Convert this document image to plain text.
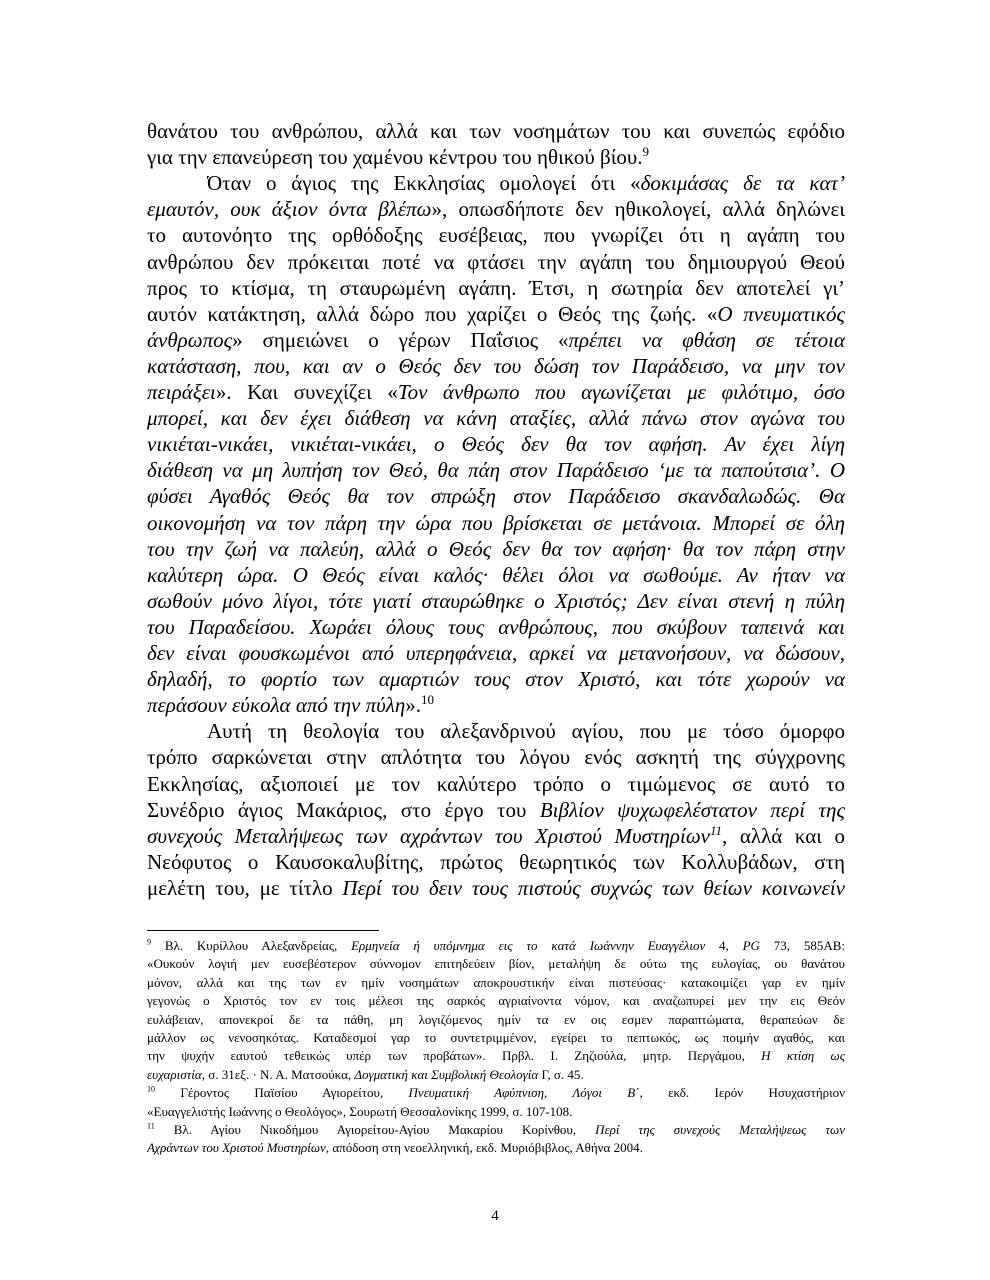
θανάτου του ανθρώπου, αλλά και των νοσημάτων του και συνεπώς εφόδιο
για την επανεύρεση του χαμένου κέντρου του ηθικού βίου.$^9$
Όταν ο άγιος της Εκκλησίας ομολογεί ότι «δοκιμάσας δε τα κατ’
εμαυτόν, ουκ άξιον όντα βλέπω», οπωσδήποτε δεν ηθικολογεί, αλλά δηλώνει
το αυτονόητο της ορθόδοξης ευσέβειας, που γνωρίζει ότι η αγάπη του
ανθρώπου δεν πρόκειται ποτέ να φτάσει την αγάπη του δημιουργού Θεού
προς το κτίσμα, τη σταυρωμένη αγάπη. Έτσι, η σωτηρία δεν αποτελεί γι’
αυτόν κατάκτηση, αλλά δώρο που χαρίζει ο Θεός της ζωής. «Ο πνευματικός
άνθρωπος» σημειώνει ο γέρων Παΐσιος «πρέπει να φθάση σε τέτοια
κατάσταση, που, και αν ο Θεός δεν του δώση τον Παράδεισο, να μην τον
πειράξει». Και συνεχίζει «Τον άνθρωπο που αγωνίζεται με φιλότιμο, όσο
μπορεί, και δεν έχει διάθεση να κάνη αταξίες, αλλά πάνω στον αγώνα του
νικιέται-νικάει, νικιέται-νικάει, ο Θεός δεν θα τον αφήση. Αν έχει λίγη
διάθεση να μη λυπήση τον Θεό, θα πάη στον Παράδεισο ‘με τα παπούτσια’. Ο
φύσει Αγαθός Θεός θα τον σπρώξη στον Παράδεισο σκανδαλωδώς. Θα
οικονομήση να τον πάρη την ώρα που βρίσκεται σε μετάνοια. Μπορεί σε όλη
του την ζωή να παλεύη, αλλά ο Θεός δεν θα τον αφήση· θα τον πάρη στην
καλύτερη ώρα. Ο Θεός είναι καλός· θέλει όλοι να σωθούμε. Αν ήταν να
σωθούν μόνο λίγοι, τότε γιατί σταυρώθηκε ο Χριστός; Δεν είναι στενή η πύλη
του Παραδείσου. Χωράει όλους τους ανθρώπους, που σκύβουν ταπεινά και
δεν είναι φουσκωμένοι από υπερηφάνεια, αρκεί να μετανοήσουν, να δώσουν,
δηλαδή, το φορτίο των αμαρτιών τους στον Χριστό, και τότε χωρούν να
περάσουν εύκολα από την πύλη».$^{10}$
Αυτή τη θεολογία του αλεξανδρινού αγίου, που με τόσο όμορφο
τρόπο σαρκώνεται στην απλότητα του λόγου ενός ασκητή της σύγχρονης
Εκκλησίας, αξιοποιεί με τον καλύτερο τρόπο ο τιμώμενος σε αυτό το
Συνέδριο άγιος Μακάριος, στο έργο του Βιβλίον ψυχωφελέστατον περί της
συνεχούς Μεταλήψεως των αχράντων του Χριστού Μυστηρίων$^{11}$, αλλά και ο
Νεόφυτος ο Καυσοκαλυβίτης, πρώτος θεωρητικός των Κολλυβάδων, στη
μελέτη του, με τίτλο Περί του δειν τους πιστούς συχνώς των θείων κοινωνείν
$^9$ Βλ. Κυρίλλου Αλεξανδρείας, Ερμηνεία ή υπόμνημα εις το κατά Ιωάννην Ευαγγέλιον 4, PG 73, 585ΑΒ:
«Ουκούν λογιή μεν ευσεβέστερον σύννομον επιτηδεύειν βίον, μεταλήψη δε ούτω της ευλογίας, ου θανάτου
μόνον, αλλά και της των εν ημίν νοσημάτων αποκρουστικήν είναι πιστεύσας· κατακοιμίζει γαρ εν ημίν
γεγονώς ο Χριστός τον εν τοις μέλεσι της σαρκός αγριαίνοντα νόμον, και αναζωπυρεί μεν την εις Θεόν
ευλάβειαν, απονεκροί δε τα πάθη, μη λογιζόμενος ημίν τα εν οις εσμεν παραπτώματα, θεραπεύων δε
μάλλον ως νενοσηκότας. Καταδεσμοί γαρ το συντετριμμένον, εγείρει το πεπτωκός, ως ποιμήν αγαθός, και
την ψυχήν εαυτού τεθεικώς υπέρ των προβάτων». Πρβλ. Ι. Ζηζιούλα, μητρ. Περγάμου, Η κτίση ως
ευχαριστία, σ. 31εξ. · Ν. Α. Ματσούκα, Δογματική και Συμβολική Θεολογία Γ, σ. 45.
$^{10}$ Γέροντος Παϊσίου Αγιορείτου, Πνευματική Αφύπνιση, Λόγοι Β΄, εκδ. Ιερόν Ησυχαστήριον
«Ευαγγελιστής Ιωάννης ο Θεολόγος», Σουρωτή Θεσσαλονίκης 1999, σ. 107-108.
$^{11}$ Βλ. Αγίου Νικοδήμου Αγιορείτου-Αγίου Μακαρίου Κορίνθου, Περί της συνεχούς Μεταλήψεως των
Αχράντων του Χριστού Μυστηρίων, απόδοση στη νεοελληνική, εκδ. Μυριόβιβλος, Αθήνα 2004.
4
